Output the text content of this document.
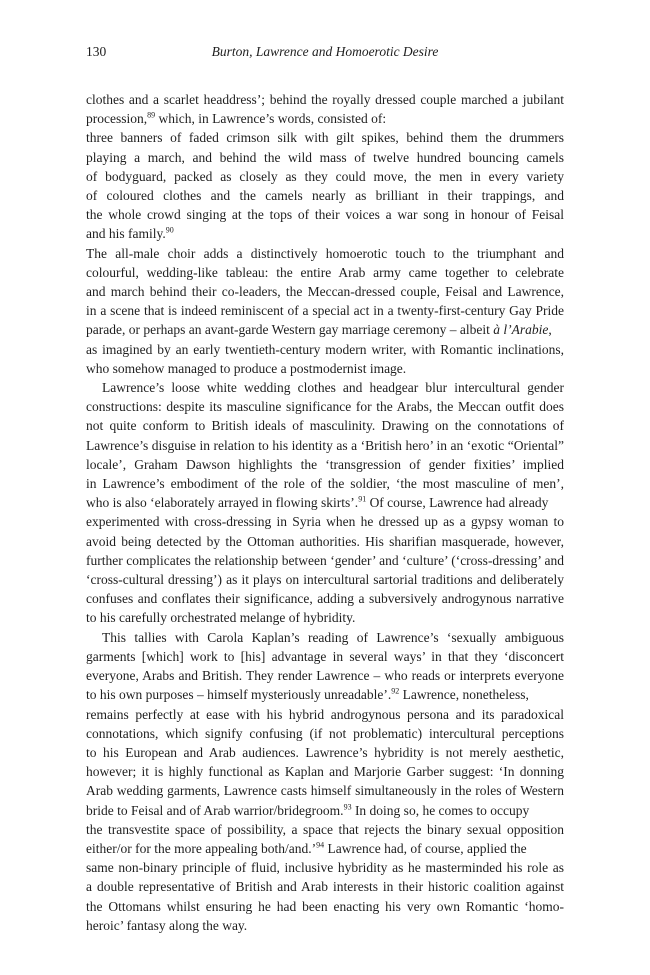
130	Burton, Lawrence and Homoerotic Desire

clothes and a scarlet headdress’; behind the royally dressed couple marched a jubilant
procession,$^{89}$ which, in Lawrence’s words, consisted of:

three banners of faded crimson silk with gilt spikes, behind them the drummers
playing a march, and behind the wild mass of twelve hundred bouncing camels
of bodyguard, packed as closely as they could move, the men in every variety
of coloured clothes and the camels nearly as brilliant in their trappings, and
the whole crowd singing at the tops of their voices a war song in honour of Feisal
and his family.$^{90}$

The all-male choir adds a distinctively homoerotic touch to the triumphant and
colourful, wedding-like tableau: the entire Arab army came together to celebrate
and march behind their co-leaders, the Meccan-dressed couple, Feisal and Lawrence,
in a scene that is indeed reminiscent of a special act in a twenty-first-century Gay Pride
parade, or perhaps an avant-garde Western gay marriage ceremony – albeit à l’Arabie,
as imagined by an early twentieth-century modern writer, with Romantic inclinations,
who somehow managed to produce a postmodernist image.

Lawrence’s loose white wedding clothes and headgear blur intercultural gender
constructions: despite its masculine significance for the Arabs, the Meccan outfit does
not quite conform to British ideals of masculinity. Drawing on the connotations of
Lawrence’s disguise in relation to his identity as a ‘British hero’ in an ‘exotic “Oriental”
locale’, Graham Dawson highlights the ‘transgression of gender fixities’ implied
in Lawrence’s embodiment of the role of the soldier, ‘the most masculine of men’,
who is also ‘elaborately arrayed in flowing skirts’.$^{91}$ Of course, Lawrence had already
experimented with cross-dressing in Syria when he dressed up as a gypsy woman to
avoid being detected by the Ottoman authorities. His sharifian masquerade, however,
further complicates the relationship between ‘gender’ and ‘culture’ (‘cross-dressing’ and
‘cross-cultural dressing’) as it plays on intercultural sartorial traditions and deliberately
confuses and conflates their significance, adding a subversively androgynous narrative
to his carefully orchestrated melange of hybridity.

This tallies with Carola Kaplan’s reading of Lawrence’s ‘sexually ambiguous
garments [which] work to [his] advantage in several ways’ in that they ‘disconcert
everyone, Arabs and British. They render Lawrence – who reads or interprets everyone
to his own purposes – himself mysteriously unreadable’.$^{92}$ Lawrence, nonetheless,
remains perfectly at ease with his hybrid androgynous persona and its paradoxical
connotations, which signify confusing (if not problematic) intercultural perceptions
to his European and Arab audiences. Lawrence’s hybridity is not merely aesthetic,
however; it is highly functional as Kaplan and Marjorie Garber suggest: ‘In donning
Arab wedding garments, Lawrence casts himself simultaneously in the roles of Western
bride to Feisal and of Arab warrior/bridegroom.$^{93}$ In doing so, he comes to occupy
the transvestite space of possibility, a space that rejects the binary sexual opposition
either/or for the more appealing both/and.’$^{94}$ Lawrence had, of course, applied the
same non-binary principle of fluid, inclusive hybridity as he masterminded his role as
a double representative of British and Arab interests in their historic coalition against
the Ottomans whilst ensuring he had been enacting his very own Romantic ‘homo-
heroic’ fantasy along the way.
